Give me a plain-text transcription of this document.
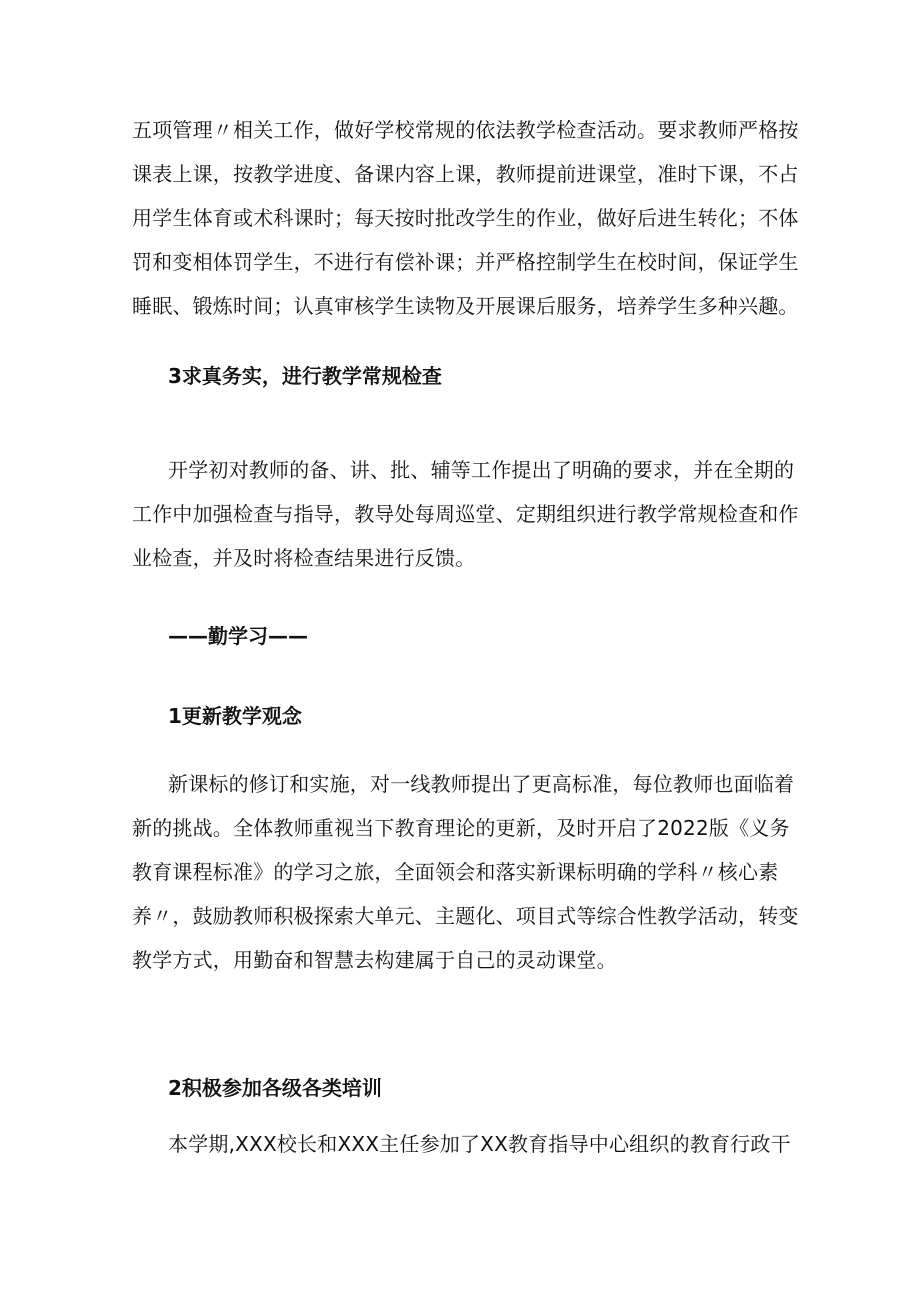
五项管理〃相关工作，做好学校常规的依法教学检查活动。要求教师严格按
课表上课，按教学进度、备课内容上课，教师提前进课堂，准时下课，不占
用学生体育或术科课时；每天按时批改学生的作业，做好后进生转化；不体
罚和变相体罚学生，不进行有偿补课；并严格控制学生在校时间，保证学生
睡眠、锻炼时间；认真审核学生读物及开展课后服务，培养学生多种兴趣。
3求真务实，进行教学常规检查
开学初对教师的备、讲、批、辅等工作提出了明确的要求，并在全期的
工作中加强检查与指导，教导处每周巡堂、定期组织进行教学常规检查和作
业检查，并及时将检查结果进行反馈。
——勤学习——
1更新教学观念
新课标的修订和实施，对一线教师提出了更高标准，每位教师也面临着
新的挑战。全体教师重视当下教育理论的更新，及时开启了2022版《义务
教育课程标准》的学习之旅，全面领会和落实新课标明确的学科〃核心素
养〃，鼓励教师积极探索大单元、主题化、项目式等综合性教学活动，转变
教学方式，用勤奋和智慧去构建属于自己的灵动课堂。
2积极参加各级各类培训
本学期,XXX校长和XXX主任参加了XX教育指导中心组织的教育行政干
